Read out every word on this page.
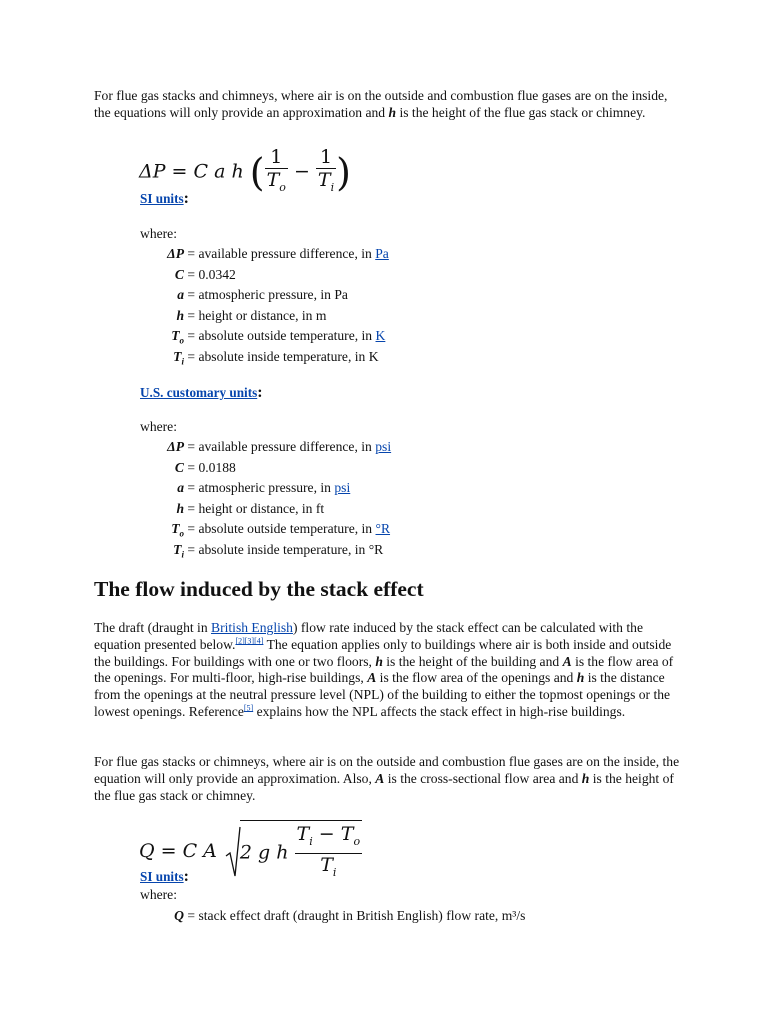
For flue gas stacks and chimneys, where air is on the outside and combustion flue gases are on the inside, the equations will only provide an approximation and h is the height of the flue gas stack or chimney.
ΔP = C a h ( $\frac{1}{T_o} - \frac{1}{T_i}$ )
SI units:
where:
ΔP = available pressure difference, in Pa
C = 0.0342
a = atmospheric pressure, in Pa
h = height or distance, in m
$T_o$ = absolute outside temperature, in K
$T_i$ = absolute inside temperature, in K
U.S. customary units:
where:
ΔP = available pressure difference, in psi
C = 0.0188
a = atmospheric pressure, in psi
h = height or distance, in ft
$T_o$ = absolute outside temperature, in °R
$T_i$ = absolute inside temperature, in °R
The flow induced by the stack effect
The draft (draught in British English) flow rate induced by the stack effect can be calculated with the equation presented below.[2][3][4] The equation applies only to buildings where air is both inside and outside the buildings. For buildings with one or two floors, h is the height of the building and A is the flow area of the openings. For multi-floor, high-rise buildings, A is the flow area of the openings and h is the distance from the openings at the neutral pressure level (NPL) of the building to either the topmost openings or the lowest openings. Reference[5] explains how the NPL affects the stack effect in high-rise buildings.
For flue gas stacks or chimneys, where air is on the outside and combustion flue gases are on the inside, the equation will only provide an approximation. Also, A is the cross-sectional flow area and h is the height of the flue gas stack or chimney.
Q = C A 2 g h $\frac{T_i - T_o}{T_i}$
SI units:
where:
Q = stack effect draft (draught in British English) flow rate, m³/s
